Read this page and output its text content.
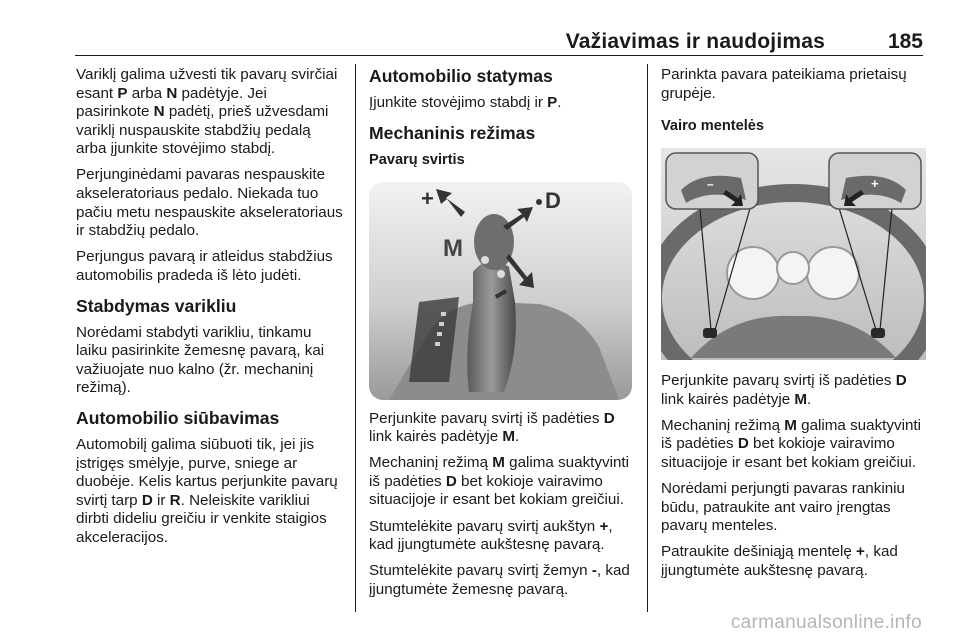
Važiavimas ir naudojimas	185

Variklį galima užvesti tik pavarų svirčiai esant P arba N padėtyje. Jei pasirinkote N padėtį, prieš užvesdami variklį nuspauskite stabdžių pedalą arba įjunkite stovėjimo stabdį.

Perjunginėdami pavaras nespauskite akseleratoriaus pedalo. Niekada tuo pačiu metu nespauskite akseleratoriaus ir stabdžių pedalo.

Perjungus pavarą ir atleidus stabdžius automobilis pradeda iš lėto judėti.

Stabdymas varikliu

Norėdami stabdyti varikliu, tinkamu laiku pasirinkite žemesnę pavarą, kai važiuojate nuo kalno (žr. mechaninį režimą).

Automobilio siūbavimas

Automobilį galima siūbuoti tik, jei jis įstrigęs smėlyje, purve, sniege ar duobėje. Kelis kartus perjunkite pavarų svirtį tarp D ir R. Neleiskite varikliui dirbti dideliu greičiu ir venkite staigios akceleracijos.

Automobilio statymas

Įjunkite stovėjimo stabdį ir P.

Mechaninis režimas
Pavarų svirtis
+	D
M

Perjunkite pavarų svirtį iš padėties D link kairės padėtyje M.

Mechaninį režimą M galima suaktyvinti iš padėties D bet kokioje vairavimo situacijoje ir esant bet kokiam greičiui.

Stumtelėkite pavarų svirtį aukštyn +, kad įjungtumėte aukštesnę pavarą.

Stumtelėkite pavarų svirtį žemyn -, kad įjungtumėte žemesnę pavarą.

Parinkta pavara pateikiama prietaisų grupėje.

Vairo mentelės
–	+

Perjunkite pavarų svirtį iš padėties D link kairės padėtyje M.

Mechaninį režimą M galima suaktyvinti iš padėties D bet kokioje vairavimo situacijoje ir esant bet kokiam greičiui.

Norėdami perjungti pavaras rankiniu būdu, patraukite ant vairo įrengtas pavarų menteles.

Patraukite dešiniąją mentelę +, kad įjungtumėte aukštesnę pavarą.

carmanualsonline.info
